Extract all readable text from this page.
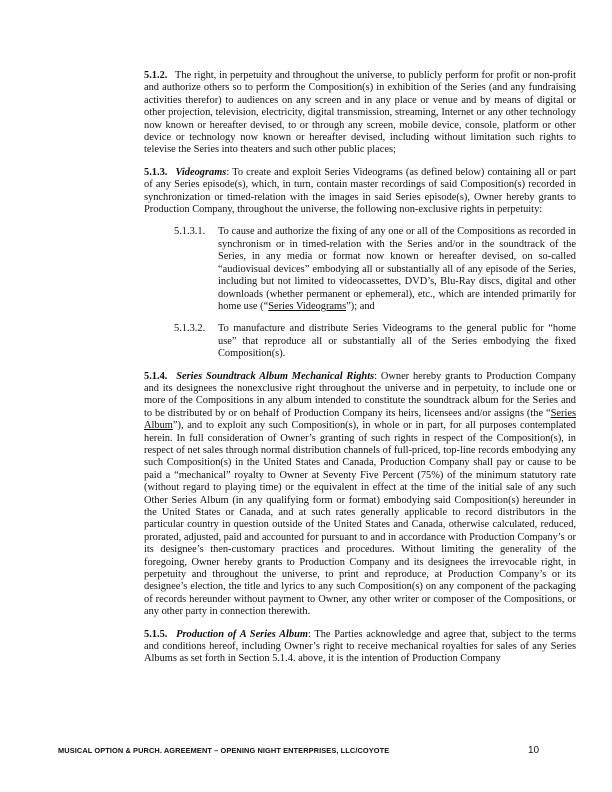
5.1.2. The right, in perpetuity and throughout the universe, to publicly perform for profit or non-profit and authorize others so to perform the Composition(s) in exhibition of the Series (and any fundraising activities therefor) to audiences on any screen and in any place or venue and by means of digital or other projection, television, electricity, digital transmission, streaming, Internet or any other technology now known or hereafter devised, to or through any screen, mobile device, console, platform or other device or technology now known or hereafter devised, including without limitation such rights to televise the Series into theaters and such other public places;

5.1.3. Videograms: To create and exploit Series Videograms (as defined below) containing all or part of any Series episode(s), which, in turn, contain master recordings of said Composition(s) recorded in synchronization or timed-relation with the images in said Series episode(s), Owner hereby grants to Production Company, throughout the universe, the following non-exclusive rights in perpetuity:

5.1.3.1. To cause and authorize the fixing of any one or all of the Compositions as recorded in synchronism or in timed-relation with the Series and/or in the soundtrack of the Series, in any media or format now known or hereafter devised, on so-called “audiovisual devices” embodying all or substantially all of any episode of the Series, including but not limited to videocassettes, DVD’s, Blu-Ray discs, digital and other downloads (whether permanent or ephemeral), etc., which are intended primarily for home use (“Series Videograms”); and

5.1.3.2. To manufacture and distribute Series Videograms to the general public for “home use” that reproduce all or substantially all of the Series embodying the fixed Composition(s).

5.1.4. Series Soundtrack Album Mechanical Rights: Owner hereby grants to Production Company and its designees the nonexclusive right throughout the universe and in perpetuity, to include one or more of the Compositions in any album intended to constitute the soundtrack album for the Series and to be distributed by or on behalf of Production Company its heirs, licensees and/or assigns (the “Series Album”), and to exploit any such Composition(s), in whole or in part, for all purposes contemplated herein. In full consideration of Owner’s granting of such rights in respect of the Composition(s), in respect of net sales through normal distribution channels of full-priced, top-line records embodying any such Composition(s) in the United States and Canada, Production Company shall pay or cause to be paid a “mechanical” royalty to Owner at Seventy Five Percent (75%) of the minimum statutory rate (without regard to playing time) or the equivalent in effect at the time of the initial sale of any such Other Series Album (in any qualifying form or format) embodying said Composition(s) hereunder in the United States or Canada, and at such rates generally applicable to record distributors in the particular country in question outside of the United States and Canada, otherwise calculated, reduced, prorated, adjusted, paid and accounted for pursuant to and in accordance with Production Company’s or its designee’s then-customary practices and procedures. Without limiting the generality of the foregoing, Owner hereby grants to Production Company and its designees the irrevocable right, in perpetuity and throughout the universe, to print and reproduce, at Production Company’s or its designee’s election, the title and lyrics to any such Composition(s) on any component of the packaging of records hereunder without payment to Owner, any other writer or composer of the Compositions, or any other party in connection therewith.

5.1.5. Production of A Series Album: The Parties acknowledge and agree that, subject to the terms and conditions hereof, including Owner’s right to receive mechanical royalties for sales of any Series Albums as set forth in Section 5.1.4. above, it is the intention of Production Company

MUSICAL OPTION & PURCH. AGREEMENT – OPENING NIGHT ENTERPRISES, LLC/COYOTE	10
